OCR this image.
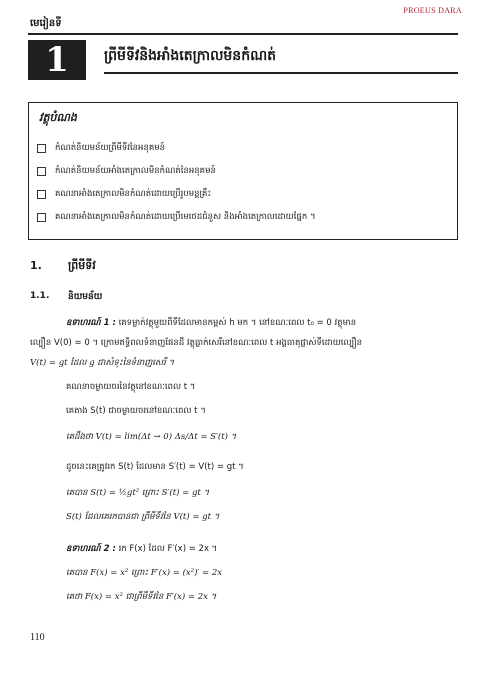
PROEUS DARA
មេរៀនទី
1	ព្រីមីទីវនិងអាំងតេក្រាលមិនកំណត់
វត្ថុបំណង
កំណត់និយមន័យព្រីមីទីវនៃអនុគមន៍
កំណត់និយមន័យអាំងតេក្រាលមិនកំណត់នៃអនុគមន៍
គណនាអាំងតេក្រាលមិនកំណត់ដោយប្រើរូបមន្តគ្រឹះ
គណនាអាំងតេក្រាលមិនកំណត់ដោយប្រើមេថេដជំនួស និងអាំងតេក្រាលដោយផ្នែក ។
1. ព្រីមីទីវ
1.1. និយមន័យ
ឧទាហរណ៍ 1 : គេទម្លាក់វត្ថុមួយពីទីដែលមានកម្ពស់ h មក ។ នៅខណៈពេល t₀ = 0 វត្ថុមាន
ល្បឿន V(0) = 0 ។ ក្រោមឥទ្ធិពលទំនាញផែនដី វត្ថុធ្លាក់សេរីនៅខណៈពេល t អង្គធាតុផ្លាស់ទីដោយល្បឿន
V(t) = gt ដែល g ជាសំទុះនៃទំនាញសេរី ។
គណនាចម្ងាយចរនៃវត្ថុនៅខណៈពេល t ។
គេតាង S(t) ជាចម្ងាយចរនៅខណៈពេល t ។
គេដឹងថា V(t) = lim(Δt → 0) Δs/Δt = S′(t) ។
ដូចនេះគេត្រូវរក S(t) ដែលមាន S′(t) = V(t) = gt ។
គេបាន S(t) = ½gt² ព្រោះ S′(t) = gt ។
S(t) ដែលគេរកបានជា ព្រីមីទីវនៃ V(t) = gt ។
ឧទាហរណ៍ 2 : រក F(x) ដែល F′(x) = 2x ។
គេបាន F(x) = x² ព្រោះ F′(x) = (x²)′ = 2x
គេថា F(x) = x² ជាព្រីមីទីវនៃ F′(x) = 2x ។
110
